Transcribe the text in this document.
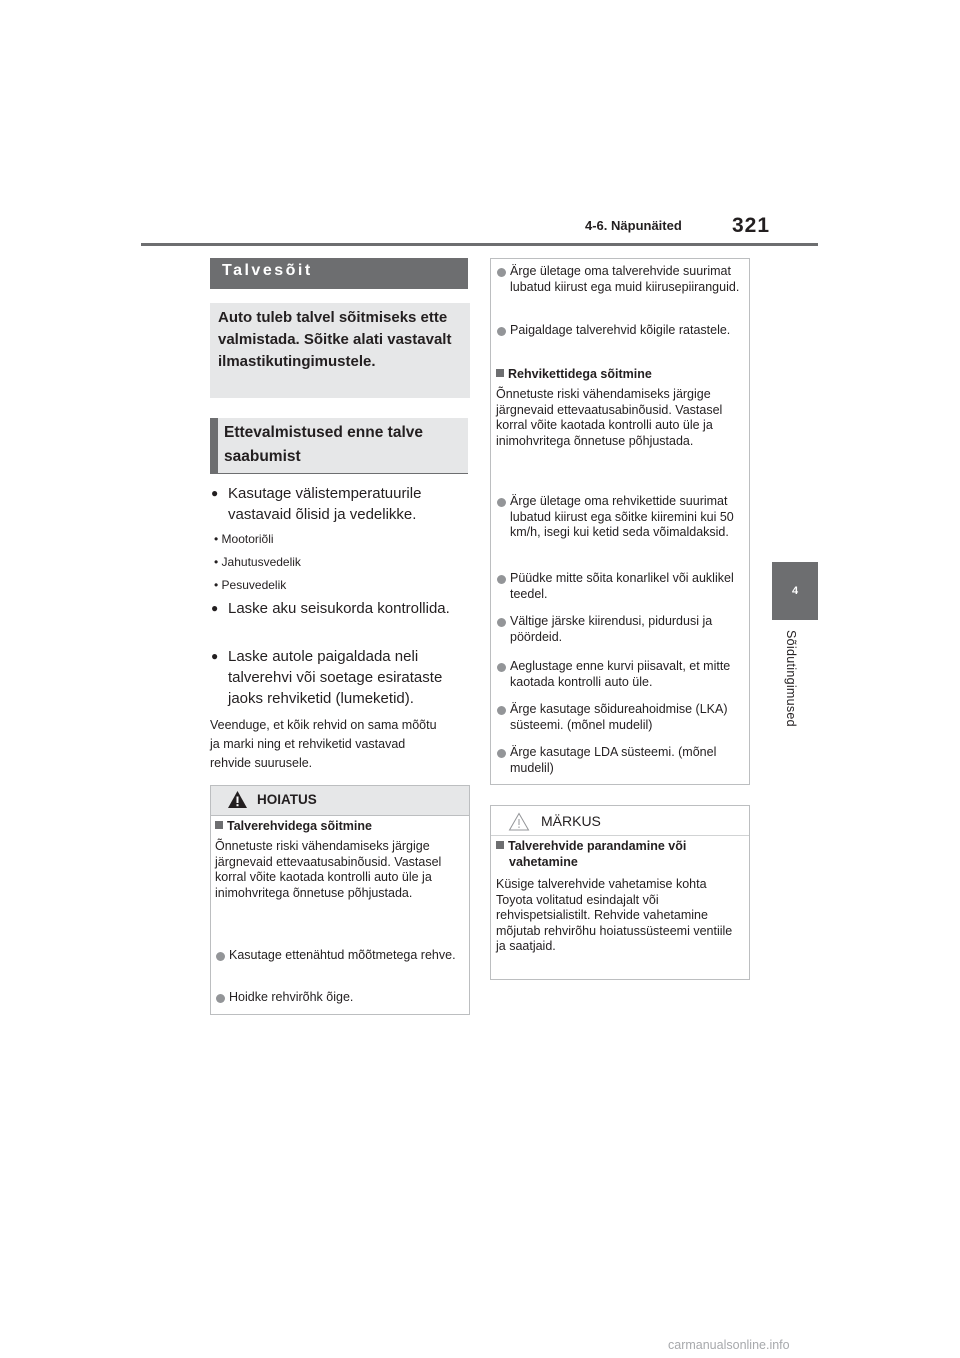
4-6. Näpunäited 321
4
Sõidutingimused
Talvesõit
Auto tuleb talvel sõitmiseks ette valmistada. Sõitke alati vastavalt ilmastikutingimustele.
Ettevalmistused enne talve saabumist
● Kasutage välistemperatuurile vastavaid õlisid ja vedelikke.
• Mootoriõli
• Jahutusvedelik
• Pesuvedelik
● Laske aku seisukorda kontrollida.
● Laske autole paigaldada neli talverehvi või soetage esirataste jaoks rehviketid (lumeketid).
Veenduge, et kõik rehvid on sama mõõtu ja marki ning et rehviketid vastavad rehvide suurusele.
HOIATUS
Talverehvidega sõitmine
Õnnetuste riski vähendamiseks järgige järgnevaid ettevaatusabinõusid. Vastasel korral võite kaotada kontrolli auto üle ja inimohvritega õnnetuse põhjustada.
Kasutage ettenähtud mõõtmetega rehve.
Hoidke rehvirõhk õige.
Ärge ületage oma talverehvide suurimat lubatud kiirust ega muid kiirusepiiranguid.
Paigaldage talverehvid kõigile ratastele.
Rehvikettidega sõitmine
Õnnetuste riski vähendamiseks järgige järgnevaid ettevaatusabinõusid. Vastasel korral võite kaotada kontrolli auto üle ja inimohvritega õnnetuse põhjustada.
Ärge ületage oma rehvikettide suurimat lubatud kiirust ega sõitke kiiremini kui 50 km/h, isegi kui ketid seda võimaldaksid.
Püüdke mitte sõita konarlikel või auklikel teedel.
Vältige järske kiirendusi, pidurdusi ja pöördeid.
Aeglustage enne kurvi piisavalt, et mitte kaotada kontrolli auto üle.
Ärge kasutage sõidureahoidmise (LKA) süsteemi. (mõnel mudelil)
Ärge kasutage LDA süsteemi. (mõnel mudelil)
MÄRKUS
Talverehvide parandamine või vahetamine
Küsige talverehvide vahetamise kohta Toyota volitatud esindajalt või rehvispetsialistilt. Rehvide vahetamine mõjutab rehvirõhu hoiatussüsteemi ventiile ja saatjaid.
carmanualsonline.info
